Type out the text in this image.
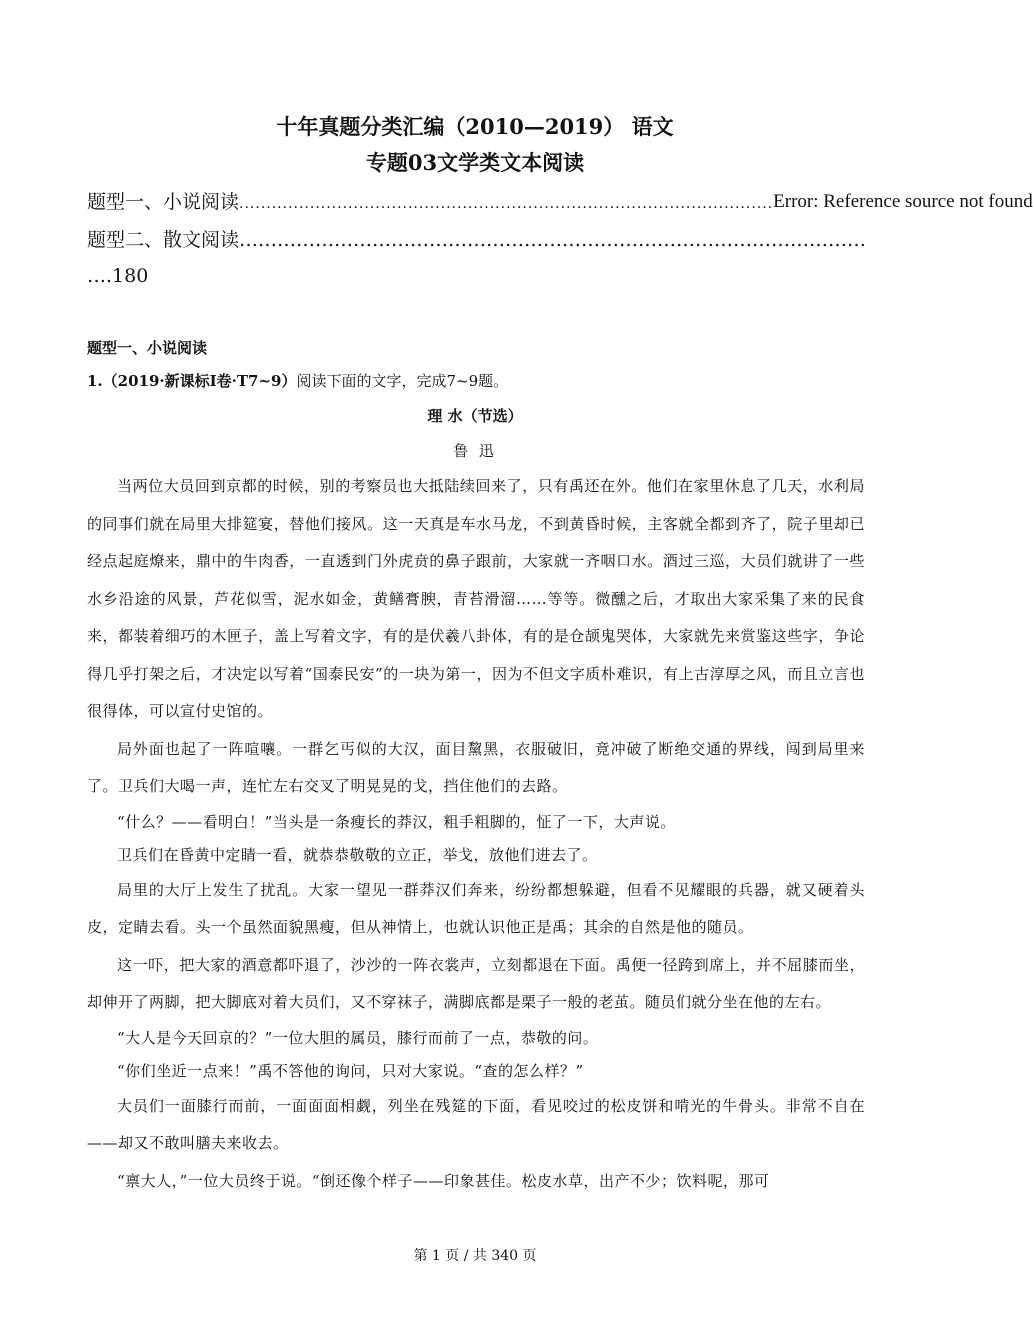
十年真题分类汇编（2010—2019） 语文
专题03文学类文本阅读
题型一、小说阅读 .................................................................................................. Error: Reference source not found
题型二、散文阅读………………………………………………………………………………………
….180
题型一、小说阅读
1.（2019·新课标Ⅰ卷·T7~9）阅读下面的文字，完成7~9题。
理 水（节选）
鲁 迅

当两位大员回到京都的时候，别的考察员也大抵陆续回来了，只有禹还在外。他们在家里休息了几天，水利局的同事们就在局里大排筵宴，替他们接风。这一天真是车水马龙，不到黄昏时候，主客就全都到齐了，院子里却已经点起庭燎来，鼎中的牛肉香，一直透到门外虎贲的鼻子跟前，大家就一齐咽口水。酒过三巡，大员们就讲了一些水乡沿途的风景，芦花似雪，泥水如金，黄鳝膏腴，青苔滑溜……等等。微醺之后，才取出大家采集了来的民食来，都装着细巧的木匣子，盖上写着文字，有的是伏羲八卦体，有的是仓颉鬼哭体，大家就先来赏鉴这些字，争论得几乎打架之后，才决定以写着“国泰民安”的一块为第一，因为不但文字质朴难识，有上古淳厚之风，而且立言也很得体，可以宣付史馆的。

局外面也起了一阵喧嚷。一群乞丐似的大汉，面目黧黑，衣服破旧，竟冲破了断绝交通的界线，闯到局里来了。卫兵们大喝一声，连忙左右交叉了明晃晃的戈，挡住他们的去路。

“什么？——看明白！”当头是一条瘦长的莽汉，粗手粗脚的，怔了一下，大声说。

卫兵们在昏黄中定睛一看，就恭恭敬敬的立正，举戈，放他们进去了。

局里的大厅上发生了扰乱。大家一望见一群莽汉们奔来，纷纷都想躲避，但看不见耀眼的兵器，就又硬着头皮，定睛去看。头一个虽然面貌黑瘦，但从神情上，也就认识他正是禹；其余的自然是他的随员。

这一吓，把大家的酒意都吓退了，沙沙的一阵衣裳声，立刻都退在下面。禹便一径跨到席上，并不屈膝而坐，却伸开了两脚，把大脚底对着大员们，又不穿袜子，满脚底都是栗子一般的老茧。随员们就分坐在他的左右。

“大人是今天回京的？”一位大胆的属员，膝行而前了一点，恭敬的问。

“你们坐近一点来！”禹不答他的询问，只对大家说。“查的怎么样？”

大员们一面膝行而前，一面面面相觑，列坐在残筵的下面，看见咬过的松皮饼和啃光的牛骨头。非常不自在——却又不敢叫膳夫来收去。

“禀大人，”一位大员终于说。“倒还像个样子——印象甚佳。松皮水草，出产不少；饮料呢，那可

第 1 页 / 共 340 页
